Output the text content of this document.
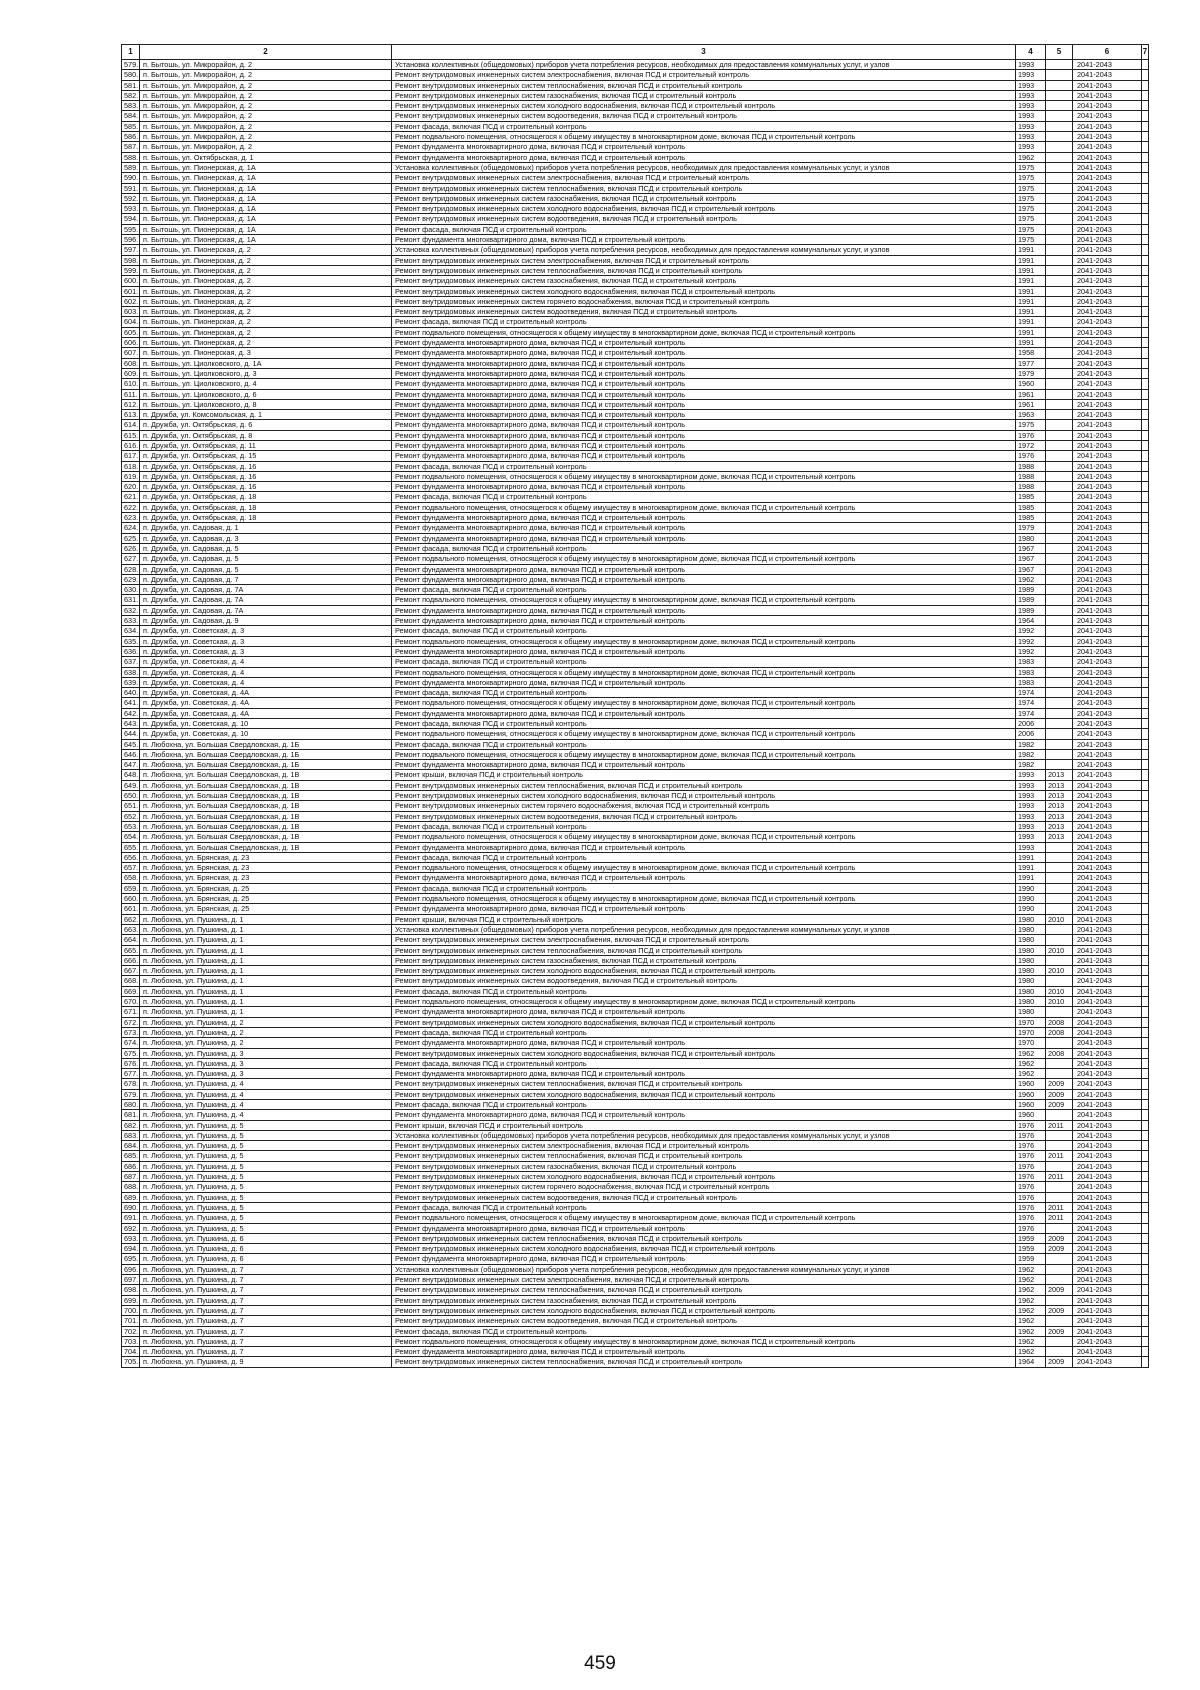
1	2	3	4	5	6	7
579.	п. Бытошь, ул. Микрорайон, д. 2	Установка коллективных (общедомовых) приборов учета потребления ресурсов, необходимых для предоставления коммунальных услуг, и узлов	1993		2041-2043	
580.	п. Бытошь, ул. Микрорайон, д. 2	Ремонт внутридомовых инженерных систем электроснабжения, включая ПСД и строительный контроль	1993		2041-2043	
581.	п. Бытошь, ул. Микрорайон, д. 2	Ремонт внутридомовых инженерных систем теплоснабжения, включая ПСД и строительный контроль	1993		2041-2043	
582.	п. Бытошь, ул. Микрорайон, д. 2	Ремонт внутридомовых инженерных систем газоснабжения, включая ПСД и строительный контроль	1993		2041-2043	
583.	п. Бытошь, ул. Микрорайон, д. 2	Ремонт внутридомовых инженерных систем холодного водоснабжения, включая ПСД и строительный контроль	1993		2041-2043	
584.	п. Бытошь, ул. Микрорайон, д. 2	Ремонт внутридомовых инженерных систем водоотведения, включая ПСД и строительный контроль	1993		2041-2043	
585.	п. Бытошь, ул. Микрорайон, д. 2	Ремонт фасада, включая ПСД и строительный контроль	1993		2041-2043	
586.	п. Бытошь, ул. Микрорайон, д. 2	Ремонт подвального помещения, относящегося к общему имуществу в многоквартирном доме, включая ПСД и строительный контроль	1993		2041-2043	
587.	п. Бытошь, ул. Микрорайон, д. 2	Ремонт фундамента многоквартирного дома, включая ПСД и строительный контроль	1993		2041-2043	
588.	п. Бытошь, ул. Октябрьская, д. 1	Ремонт фундамента многоквартирного дома, включая ПСД и строительный контроль	1962		2041-2043	
589.	п. Бытошь, ул. Пионерская, д. 1А	Установка коллективных (общедомовых) приборов учета потребления ресурсов, необходимых для предоставления коммунальных услуг, и узлов	1975		2041-2043	
590.	п. Бытошь, ул. Пионерская, д. 1А	Ремонт внутридомовых инженерных систем электроснабжения, включая ПСД и строительный контроль	1975		2041-2043	
591.	п. Бытошь, ул. Пионерская, д. 1А	Ремонт внутридомовых инженерных систем теплоснабжения, включая ПСД и строительный контроль	1975		2041-2043	
592.	п. Бытошь, ул. Пионерская, д. 1А	Ремонт внутридомовых инженерных систем газоснабжения, включая ПСД и строительный контроль	1975		2041-2043	
593.	п. Бытошь, ул. Пионерская, д. 1А	Ремонт внутридомовых инженерных систем холодного водоснабжения, включая ПСД и строительный контроль	1975		2041-2043	
594.	п. Бытошь, ул. Пионерская, д. 1А	Ремонт внутридомовых инженерных систем водоотведения, включая ПСД и строительный контроль	1975		2041-2043	
595.	п. Бытошь, ул. Пионерская, д. 1А	Ремонт фасада, включая ПСД и строительный контроль	1975		2041-2043	
596.	п. Бытошь, ул. Пионерская, д. 1А	Ремонт фундамента многоквартирного дома, включая ПСД и строительный контроль	1975		2041-2043	
597.	п. Бытошь, ул. Пионерская, д. 2	Установка коллективных (общедомовых) приборов учета потребления ресурсов, необходимых для предоставления коммунальных услуг, и узлов	1991		2041-2043	
598.	п. Бытошь, ул. Пионерская, д. 2	Ремонт внутридомовых инженерных систем электроснабжения, включая ПСД и строительный контроль	1991		2041-2043	
599.	п. Бытошь, ул. Пионерская, д. 2	Ремонт внутридомовых инженерных систем теплоснабжения, включая ПСД и строительный контроль	1991		2041-2043	
600.	п. Бытошь, ул. Пионерская, д. 2	Ремонт внутридомовых инженерных систем газоснабжения, включая ПСД и строительный контроль	1991		2041-2043	
601.	п. Бытошь, ул. Пионерская, д. 2	Ремонт внутридомовых инженерных систем холодного водоснабжения, включая ПСД и строительный контроль	1991		2041-2043	
602.	п. Бытошь, ул. Пионерская, д. 2	Ремонт внутридомовых инженерных систем горячего водоснабжения, включая ПСД и строительный контроль	1991		2041-2043	
603.	п. Бытошь, ул. Пионерская, д. 2	Ремонт внутридомовых инженерных систем водоотведения, включая ПСД и строительный контроль	1991		2041-2043	
604.	п. Бытошь, ул. Пионерская, д. 2	Ремонт фасада, включая ПСД и строительный контроль	1991		2041-2043	
605.	п. Бытошь, ул. Пионерская, д. 2	Ремонт подвального помещения, относящегося к общему имуществу в многоквартирном доме, включая ПСД и строительный контроль	1991		2041-2043	
606.	п. Бытошь, ул. Пионерская, д. 2	Ремонт фундамента многоквартирного дома, включая ПСД и строительный контроль	1991		2041-2043	
607.	п. Бытошь, ул. Пионерская, д. 3	Ремонт фундамента многоквартирного дома, включая ПСД и строительный контроль	1958		2041-2043	
608.	п. Бытошь, ул. Циолковского, д. 1А	Ремонт фундамента многоквартирного дома, включая ПСД и строительный контроль	1977		2041-2043	
609.	п. Бытошь, ул. Циолковского, д. 3	Ремонт фундамента многоквартирного дома, включая ПСД и строительный контроль	1979		2041-2043	
610.	п. Бытошь, ул. Циолковского, д. 4	Ремонт фундамента многоквартирного дома, включая ПСД и строительный контроль	1960		2041-2043	
611.	п. Бытошь, ул. Циолковского, д. 6	Ремонт фундамента многоквартирного дома, включая ПСД и строительный контроль	1961		2041-2043	
612.	п. Бытошь, ул. Циолковского, д. 8	Ремонт фундамента многоквартирного дома, включая ПСД и строительный контроль	1961		2041-2043	
613.	п. Дружба, ул. Комсомольская, д. 1	Ремонт фундамента многоквартирного дома, включая ПСД и строительный контроль	1963		2041-2043	
614.	п. Дружба, ул. Октябрьская, д. 6	Ремонт фундамента многоквартирного дома, включая ПСД и строительный контроль	1975		2041-2043	
615.	п. Дружба, ул. Октябрьская, д. 8	Ремонт фундамента многоквартирного дома, включая ПСД и строительный контроль	1976		2041-2043	
616.	п. Дружба, ул. Октябрьская, д. 11	Ремонт фундамента многоквартирного дома, включая ПСД и строительный контроль	1972		2041-2043	
617.	п. Дружба, ул. Октябрьская, д. 15	Ремонт фундамента многоквартирного дома, включая ПСД и строительный контроль	1976		2041-2043	
618.	п. Дружба, ул. Октябрьская, д. 16	Ремонт фасада, включая ПСД и строительный контроль	1988		2041-2043	
619.	п. Дружба, ул. Октябрьская, д. 16	Ремонт подвального помещения, относящегося к общему имуществу в многоквартирном доме, включая ПСД и строительный контроль	1988		2041-2043	
620.	п. Дружба, ул. Октябрьская, д. 16	Ремонт фундамента многоквартирного дома, включая ПСД и строительный контроль	1988		2041-2043	
621.	п. Дружба, ул. Октябрьская, д. 18	Ремонт фасада, включая ПСД и строительный контроль	1985		2041-2043	
622.	п. Дружба, ул. Октябрьская, д. 18	Ремонт подвального помещения, относящегося к общему имуществу в многоквартирном доме, включая ПСД и строительный контроль	1985		2041-2043	
623.	п. Дружба, ул. Октябрьская, д. 18	Ремонт фундамента многоквартирного дома, включая ПСД и строительный контроль	1985		2041-2043	
624.	п. Дружба, ул. Садовая, д. 1	Ремонт фундамента многоквартирного дома, включая ПСД и строительный контроль	1979		2041-2043	
625.	п. Дружба, ул. Садовая, д. 3	Ремонт фундамента многоквартирного дома, включая ПСД и строительный контроль	1980		2041-2043	
626.	п. Дружба, ул. Садовая, д. 5	Ремонт фасада, включая ПСД и строительный контроль	1967		2041-2043	
627.	п. Дружба, ул. Садовая, д. 5	Ремонт подвального помещения, относящегося к общему имуществу в многоквартирном доме, включая ПСД и строительный контроль	1967		2041-2043	
628.	п. Дружба, ул. Садовая, д. 5	Ремонт фундамента многоквартирного дома, включая ПСД и строительный контроль	1967		2041-2043	
629.	п. Дружба, ул. Садовая, д. 7	Ремонт фундамента многоквартирного дома, включая ПСД и строительный контроль	1962		2041-2043	
630.	п. Дружба, ул. Садовая, д. 7А	Ремонт фасада, включая ПСД и строительный контроль	1989		2041-2043	
631.	п. Дружба, ул. Садовая, д. 7А	Ремонт подвального помещения, относящегося к общему имуществу в многоквартирном доме, включая ПСД и строительный контроль	1989		2041-2043	
632.	п. Дружба, ул. Садовая, д. 7А	Ремонт фундамента многоквартирного дома, включая ПСД и строительный контроль	1989		2041-2043	
633.	п. Дружба, ул. Садовая, д. 9	Ремонт фундамента многоквартирного дома, включая ПСД и строительный контроль	1964		2041-2043	
634.	п. Дружба, ул. Советская, д. 3	Ремонт фасада, включая ПСД и строительный контроль	1992		2041-2043	
635.	п. Дружба, ул. Советская, д. 3	Ремонт подвального помещения, относящегося к общему имуществу в многоквартирном доме, включая ПСД и строительный контроль	1992		2041-2043	
636.	п. Дружба, ул. Советская, д. 3	Ремонт фундамента многоквартирного дома, включая ПСД и строительный контроль	1992		2041-2043	
637.	п. Дружба, ул. Советская, д. 4	Ремонт фасада, включая ПСД и строительный контроль	1983		2041-2043	
638.	п. Дружба, ул. Советская, д. 4	Ремонт подвального помещения, относящегося к общему имуществу в многоквартирном доме, включая ПСД и строительный контроль	1983		2041-2043	
639.	п. Дружба, ул. Советская, д. 4	Ремонт фундамента многоквартирного дома, включая ПСД и строительный контроль	1983		2041-2043	
640.	п. Дружба, ул. Советская, д. 4А	Ремонт фасада, включая ПСД и строительный контроль	1974		2041-2043	
641.	п. Дружба, ул. Советская, д. 4А	Ремонт подвального помещения, относящегося к общему имуществу в многоквартирном доме, включая ПСД и строительный контроль	1974		2041-2043	
642.	п. Дружба, ул. Советская, д. 4А	Ремонт фундамента многоквартирного дома, включая ПСД и строительный контроль	1974		2041-2043	
643.	п. Дружба, ул. Советская, д. 10	Ремонт фасада, включая ПСД и строительный контроль	2006		2041-2043	
644.	п. Дружба, ул. Советская, д. 10	Ремонт подвального помещения, относящегося к общему имуществу в многоквартирном доме, включая ПСД и строительный контроль	2006		2041-2043	
645.	п. Любохна, ул. Большая Свердловская, д. 1Б	Ремонт фасада, включая ПСД и строительный контроль	1982		2041-2043	
646.	п. Любохна, ул. Большая Свердловская, д. 1Б	Ремонт подвального помещения, относящегося к общему имуществу в многоквартирном доме, включая ПСД и строительный контроль	1982		2041-2043	
647.	п. Любохна, ул. Большая Свердловская, д. 1Б	Ремонт фундамента многоквартирного дома, включая ПСД и строительный контроль	1982		2041-2043	
648.	п. Любохна, ул. Большая Свердловская, д. 1В	Ремонт крыши, включая ПСД и строительный контроль	1993	2013	2041-2043	
649.	п. Любохна, ул. Большая Свердловская, д. 1В	Ремонт внутридомовых инженерных систем теплоснабжения, включая ПСД и строительный контроль	1993	2013	2041-2043	
650.	п. Любохна, ул. Большая Свердловская, д. 1В	Ремонт внутридомовых инженерных систем холодного водоснабжения, включая ПСД и строительный контроль	1993	2013	2041-2043	
651.	п. Любохна, ул. Большая Свердловская, д. 1В	Ремонт внутридомовых инженерных систем горячего водоснабжения, включая ПСД и строительный контроль	1993	2013	2041-2043	
652.	п. Любохна, ул. Большая Свердловская, д. 1В	Ремонт внутридомовых инженерных систем водоотведения, включая ПСД и строительный контроль	1993	2013	2041-2043	
653.	п. Любохна, ул. Большая Свердловская, д. 1В	Ремонт фасада, включая ПСД и строительный контроль	1993	2013	2041-2043	
654.	п. Любохна, ул. Большая Свердловская, д. 1В	Ремонт подвального помещения, относящегося к общему имуществу в многоквартирном доме, включая ПСД и строительный контроль	1993	2013	2041-2043	
655.	п. Любохна, ул. Большая Свердловская, д. 1В	Ремонт фундамента многоквартирного дома, включая ПСД и строительный контроль	1993		2041-2043	
656.	п. Любохна, ул. Брянская, д. 23	Ремонт фасада, включая ПСД и строительный контроль	1991		2041-2043	
657.	п. Любохна, ул. Брянская, д. 23	Ремонт подвального помещения, относящегося к общему имуществу в многоквартирном доме, включая ПСД и строительный контроль	1991		2041-2043	
658.	п. Любохна, ул. Брянская, д. 23	Ремонт фундамента многоквартирного дома, включая ПСД и строительный контроль	1991		2041-2043	
659.	п. Любохна, ул. Брянская, д. 25	Ремонт фасада, включая ПСД и строительный контроль	1990		2041-2043	
660.	п. Любохна, ул. Брянская, д. 25	Ремонт подвального помещения, относящегося к общему имуществу в многоквартирном доме, включая ПСД и строительный контроль	1990		2041-2043	
661.	п. Любохна, ул. Брянская, д. 25	Ремонт фундамента многоквартирного дома, включая ПСД и строительный контроль	1990		2041-2043	
662.	п. Любохна, ул. Пушкина, д. 1	Ремонт крыши, включая ПСД и строительный контроль	1980	2010	2041-2043	
663.	п. Любохна, ул. Пушкина, д. 1	Установка коллективных (общедомовых) приборов учета потребления ресурсов, необходимых для предоставления коммунальных услуг, и узлов	1980		2041-2043	
664.	п. Любохна, ул. Пушкина, д. 1	Ремонт внутридомовых инженерных систем электроснабжения, включая ПСД и строительный контроль	1980		2041-2043	
665.	п. Любохна, ул. Пушкина, д. 1	Ремонт внутридомовых инженерных систем теплоснабжения, включая ПСД и строительный контроль	1980	2010	2041-2043	
666.	п. Любохна, ул. Пушкина, д. 1	Ремонт внутридомовых инженерных систем газоснабжения, включая ПСД и строительный контроль	1980		2041-2043	
667.	п. Любохна, ул. Пушкина, д. 1	Ремонт внутридомовых инженерных систем холодного водоснабжения, включая ПСД и строительный контроль	1980	2010	2041-2043	
668.	п. Любохна, ул. Пушкина, д. 1	Ремонт внутридомовых инженерных систем водоотведения, включая ПСД и строительный контроль	1980		2041-2043	
669.	п. Любохна, ул. Пушкина, д. 1	Ремонт фасада, включая ПСД и строительный контроль	1980	2010	2041-2043	
670.	п. Любохна, ул. Пушкина, д. 1	Ремонт подвального помещения, относящегося к общему имуществу в многоквартирном доме, включая ПСД и строительный контроль	1980	2010	2041-2043	
671.	п. Любохна, ул. Пушкина, д. 1	Ремонт фундамента многоквартирного дома, включая ПСД и строительный контроль	1980		2041-2043	
672.	п. Любохна, ул. Пушкина, д. 2	Ремонт внутридомовых инженерных систем холодного водоснабжения, включая ПСД и строительный контроль	1970	2008	2041-2043	
673.	п. Любохна, ул. Пушкина, д. 2	Ремонт фасада, включая ПСД и строительный контроль	1970	2008	2041-2043	
674.	п. Любохна, ул. Пушкина, д. 2	Ремонт фундамента многоквартирного дома, включая ПСД и строительный контроль	1970		2041-2043	
675.	п. Любохна, ул. Пушкина, д. 3	Ремонт внутридомовых инженерных систем холодного водоснабжения, включая ПСД и строительный контроль	1962	2008	2041-2043	
676.	п. Любохна, ул. Пушкина, д. 3	Ремонт фасада, включая ПСД и строительный контроль	1962		2041-2043	
677.	п. Любохна, ул. Пушкина, д. 3	Ремонт фундамента многоквартирного дома, включая ПСД и строительный контроль	1962		2041-2043	
678.	п. Любохна, ул. Пушкина, д. 4	Ремонт внутридомовых инженерных систем теплоснабжения, включая ПСД и строительный контроль	1960	2009	2041-2043	
679.	п. Любохна, ул. Пушкина, д. 4	Ремонт внутридомовых инженерных систем холодного водоснабжения, включая ПСД и строительный контроль	1960	2009	2041-2043	
680.	п. Любохна, ул. Пушкина, д. 4	Ремонт фасада, включая ПСД и строительный контроль	1960	2009	2041-2043	
681.	п. Любохна, ул. Пушкина, д. 4	Ремонт фундамента многоквартирного дома, включая ПСД и строительный контроль	1960		2041-2043	
682.	п. Любохна, ул. Пушкина, д. 5	Ремонт крыши, включая ПСД и строительный контроль	1976	2011	2041-2043	
683.	п. Любохна, ул. Пушкина, д. 5	Установка коллективных (общедомовых) приборов учета потребления ресурсов, необходимых для предоставления коммунальных услуг, и узлов	1976		2041-2043	
684.	п. Любохна, ул. Пушкина, д. 5	Ремонт внутридомовых инженерных систем электроснабжения, включая ПСД и строительный контроль	1976		2041-2043	
685.	п. Любохна, ул. Пушкина, д. 5	Ремонт внутридомовых инженерных систем теплоснабжения, включая ПСД и строительный контроль	1976	2011	2041-2043	
686.	п. Любохна, ул. Пушкина, д. 5	Ремонт внутридомовых инженерных систем газоснабжения, включая ПСД и строительный контроль	1976		2041-2043	
687.	п. Любохна, ул. Пушкина, д. 5	Ремонт внутридомовых инженерных систем холодного водоснабжения, включая ПСД и строительный контроль	1976	2011	2041-2043	
688.	п. Любохна, ул. Пушкина, д. 5	Ремонт внутридомовых инженерных систем горячего водоснабжения, включая ПСД и строительный контроль	1976		2041-2043	
689.	п. Любохна, ул. Пушкина, д. 5	Ремонт внутридомовых инженерных систем водоотведения, включая ПСД и строительный контроль	1976		2041-2043	
690.	п. Любохна, ул. Пушкина, д. 5	Ремонт фасада, включая ПСД и строительный контроль	1976	2011	2041-2043	
691.	п. Любохна, ул. Пушкина, д. 5	Ремонт подвального помещения, относящегося к общему имуществу в многоквартирном доме, включая ПСД и строительный контроль	1976	2011	2041-2043	
692.	п. Любохна, ул. Пушкина, д. 5	Ремонт фундамента многоквартирного дома, включая ПСД и строительный контроль	1976		2041-2043	
693.	п. Любохна, ул. Пушкина, д. 6	Ремонт внутридомовых инженерных систем теплоснабжения, включая ПСД и строительный контроль	1959	2009	2041-2043	
694.	п. Любохна, ул. Пушкина, д. 6	Ремонт внутридомовых инженерных систем холодного водоснабжения, включая ПСД и строительный контроль	1959	2009	2041-2043	
695.	п. Любохна, ул. Пушкина, д. 6	Ремонт фундамента многоквартирного дома, включая ПСД и строительный контроль	1959		2041-2043	
696.	п. Любохна, ул. Пушкина, д. 7	Установка коллективных (общедомовых) приборов учета потребления ресурсов, необходимых для предоставления коммунальных услуг, и узлов	1962		2041-2043	
697.	п. Любохна, ул. Пушкина, д. 7	Ремонт внутридомовых инженерных систем электроснабжения, включая ПСД и строительный контроль	1962		2041-2043	
698.	п. Любохна, ул. Пушкина, д. 7	Ремонт внутридомовых инженерных систем теплоснабжения, включая ПСД и строительный контроль	1962	2009	2041-2043	
699.	п. Любохна, ул. Пушкина, д. 7	Ремонт внутридомовых инженерных систем газоснабжения, включая ПСД и строительный контроль	1962		2041-2043	
700.	п. Любохна, ул. Пушкина, д. 7	Ремонт внутридомовых инженерных систем холодного водоснабжения, включая ПСД и строительный контроль	1962	2009	2041-2043	
701.	п. Любохна, ул. Пушкина, д. 7	Ремонт внутридомовых инженерных систем водоотведения, включая ПСД и строительный контроль	1962		2041-2043	
702.	п. Любохна, ул. Пушкина, д. 7	Ремонт фасада, включая ПСД и строительный контроль	1962	2009	2041-2043	
703.	п. Любохна, ул. Пушкина, д. 7	Ремонт подвального помещения, относящегося к общему имуществу в многоквартирном доме, включая ПСД и строительный контроль	1962		2041-2043	
704.	п. Любохна, ул. Пушкина, д. 7	Ремонт фундамента многоквартирного дома, включая ПСД и строительный контроль	1962		2041-2043	
705.	п. Любохна, ул. Пушкина, д. 9	Ремонт внутридомовых инженерных систем теплоснабжения, включая ПСД и строительный контроль	1964	2009	2041-2043	
459
